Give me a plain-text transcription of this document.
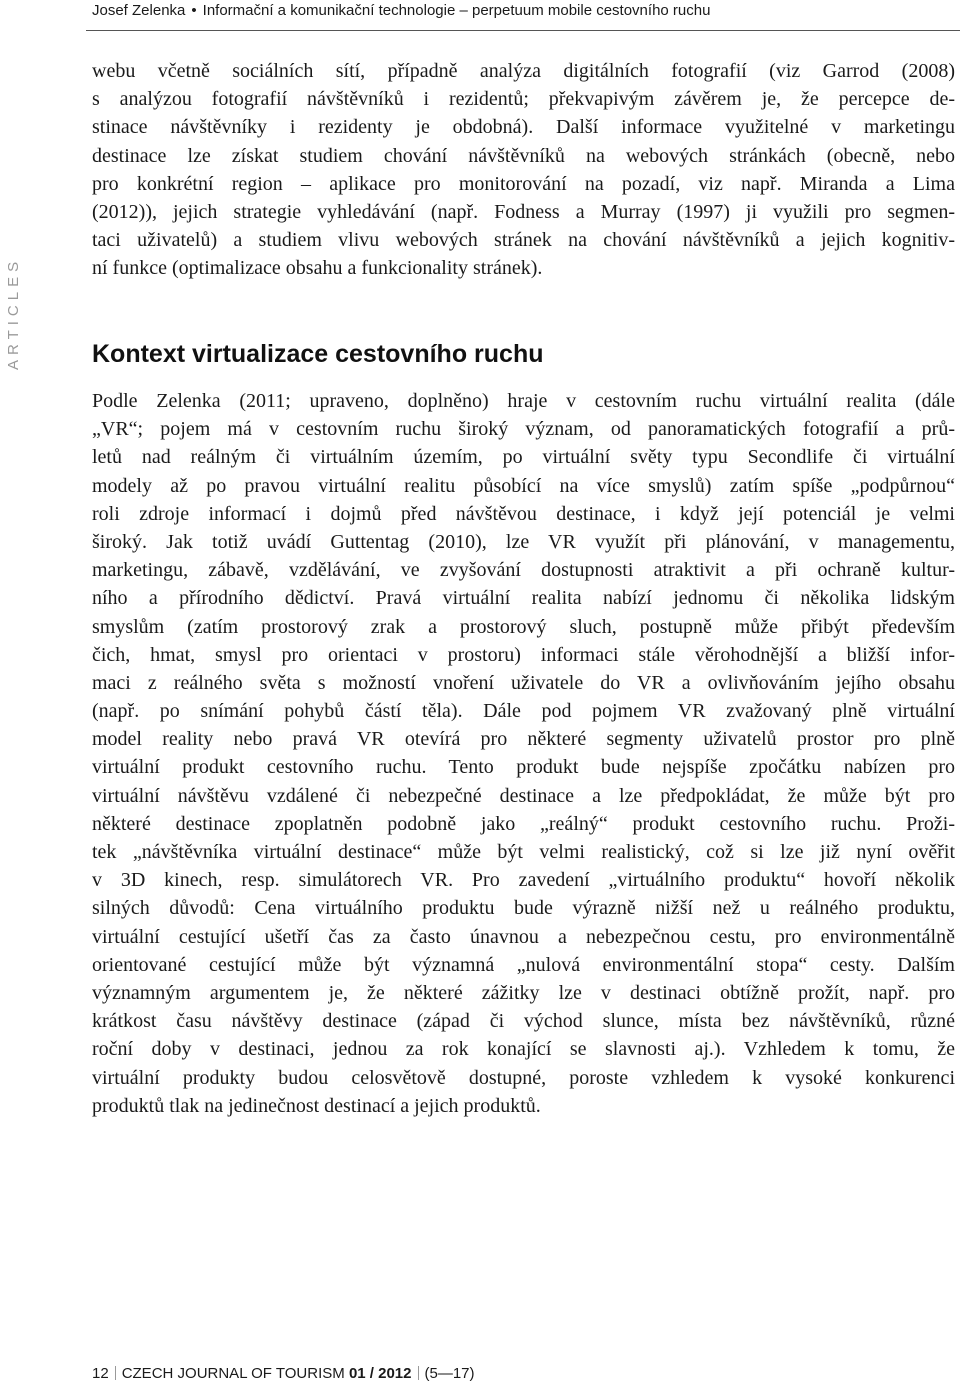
Josef Zelenka • Informační a komunikační technologie – perpetuum mobile cestovního ruchu
ARTICLES
webu včetně sociálních sítí, případně analýza digitálních fotografií (viz Garrod (2008)
s analýzou fotografií návštěvníků i rezidentů; překvapivým závěrem je, že percepce de-
stinace návštěvníky i rezidenty je obdobná). Další informace využitelné v marketingu
destinace lze získat studiem chování návštěvníků na webových stránkách (obecně, nebo
pro konkrétní region – aplikace pro monitorování na pozadí, viz např. Miranda a Lima
(2012)), jejich strategie vyhledávání (např. Fodness a Murray (1997) ji využili pro segmen-
taci uživatelů) a studiem vlivu webových stránek na chování návštěvníků a jejich kognitiv-
ní funkce (optimalizace obsahu a funkcionality stránek).
Kontext virtualizace cestovního ruchu
Podle Zelenka (2011; upraveno, doplněno) hraje v cestovním ruchu virtuální realita (dále
„VR“; pojem má v cestovním ruchu široký význam, od panoramatických fotografií a prů-
letů nad reálným či virtuálním územím, po virtuální světy typu Secondlife či virtuální
modely až po pravou virtuální realitu působící na více smyslů) zatím spíše „podpůrnou“
roli zdroje informací i dojmů před návštěvou destinace, i když její potenciál je velmi
široký. Jak totiž uvádí Guttentag (2010), lze VR využít při plánování, v managementu,
marketingu, zábavě, vzdělávání, ve zvyšování dostupnosti atraktivit a při ochraně kultur-
ního a přírodního dědictví. Pravá virtuální realita nabízí jednomu či několika lidským
smyslům (zatím prostorový zrak a prostorový sluch, postupně může přibýt především
čich, hmat, smysl pro orientaci v prostoru) informaci stále věrohodnější a bližší infor-
maci z reálného světa s možností vnoření uživatele do VR a ovlivňováním jejího obsahu
(např. po snímání pohybů částí těla). Dále pod pojmem VR zvažovaný plně virtuální
model reality nebo pravá VR otevírá pro některé segmenty uživatelů prostor pro plně
virtuální produkt cestovního ruchu. Tento produkt bude nejspíše zpočátku nabízen pro
virtuální návštěvu vzdálené či nebezpečné destinace a lze předpokládat, že může být pro
některé destinace zpoplatněn podobně jako „reálný“ produkt cestovního ruchu. Proži-
tek „návštěvníka virtuální destinace“ může být velmi realistický, což si lze již nyní ověřit
v 3D kinech, resp. simulátorech VR. Pro zavedení „virtuálního produktu“ hovoří několik
silných důvodů: Cena virtuálního produktu bude výrazně nižší než u reálného produktu,
virtuální cestující ušetří čas za často únavnou a nebezpečnou cestu, pro environmentálně
orientované cestující může být významná „nulová environmentální stopa“ cesty. Dalším
významným argumentem je, že některé zážitky lze v destinaci obtížně prožít, např. pro
krátkost času návštěvy destinace (západ či východ slunce, místa bez návštěvníků, různé
roční doby v destinaci, jednou za rok konající se slavnosti aj.). Vzhledem k tomu, že
virtuální produkty budou celosvětově dostupné, poroste vzhledem k vysoké konkurenci
produktů tlak na jedinečnost destinací a jejich produktů.
12 CZECH JOURNAL OF TOURISM 01 / 2012 (5—17)
